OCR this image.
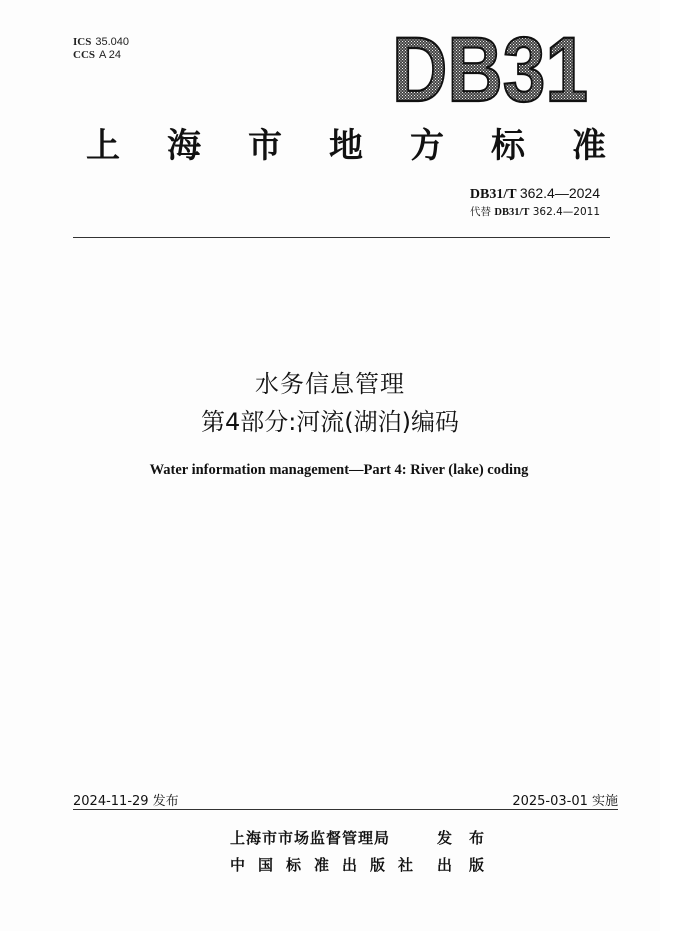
ICS 35.040
CCS A 24	DB31
上 海 市 地 方 标 准
DB31/T 362.4—2024
代替 DB31/T 362.4—2011
水务信息管理
第4部分:河流(湖泊)编码
Water information management—Part 4: River (lake) coding
2024-11-29 发布	2025-03-01 实施
上海市市场监督管理局	发布
中国标准出版社 出版
